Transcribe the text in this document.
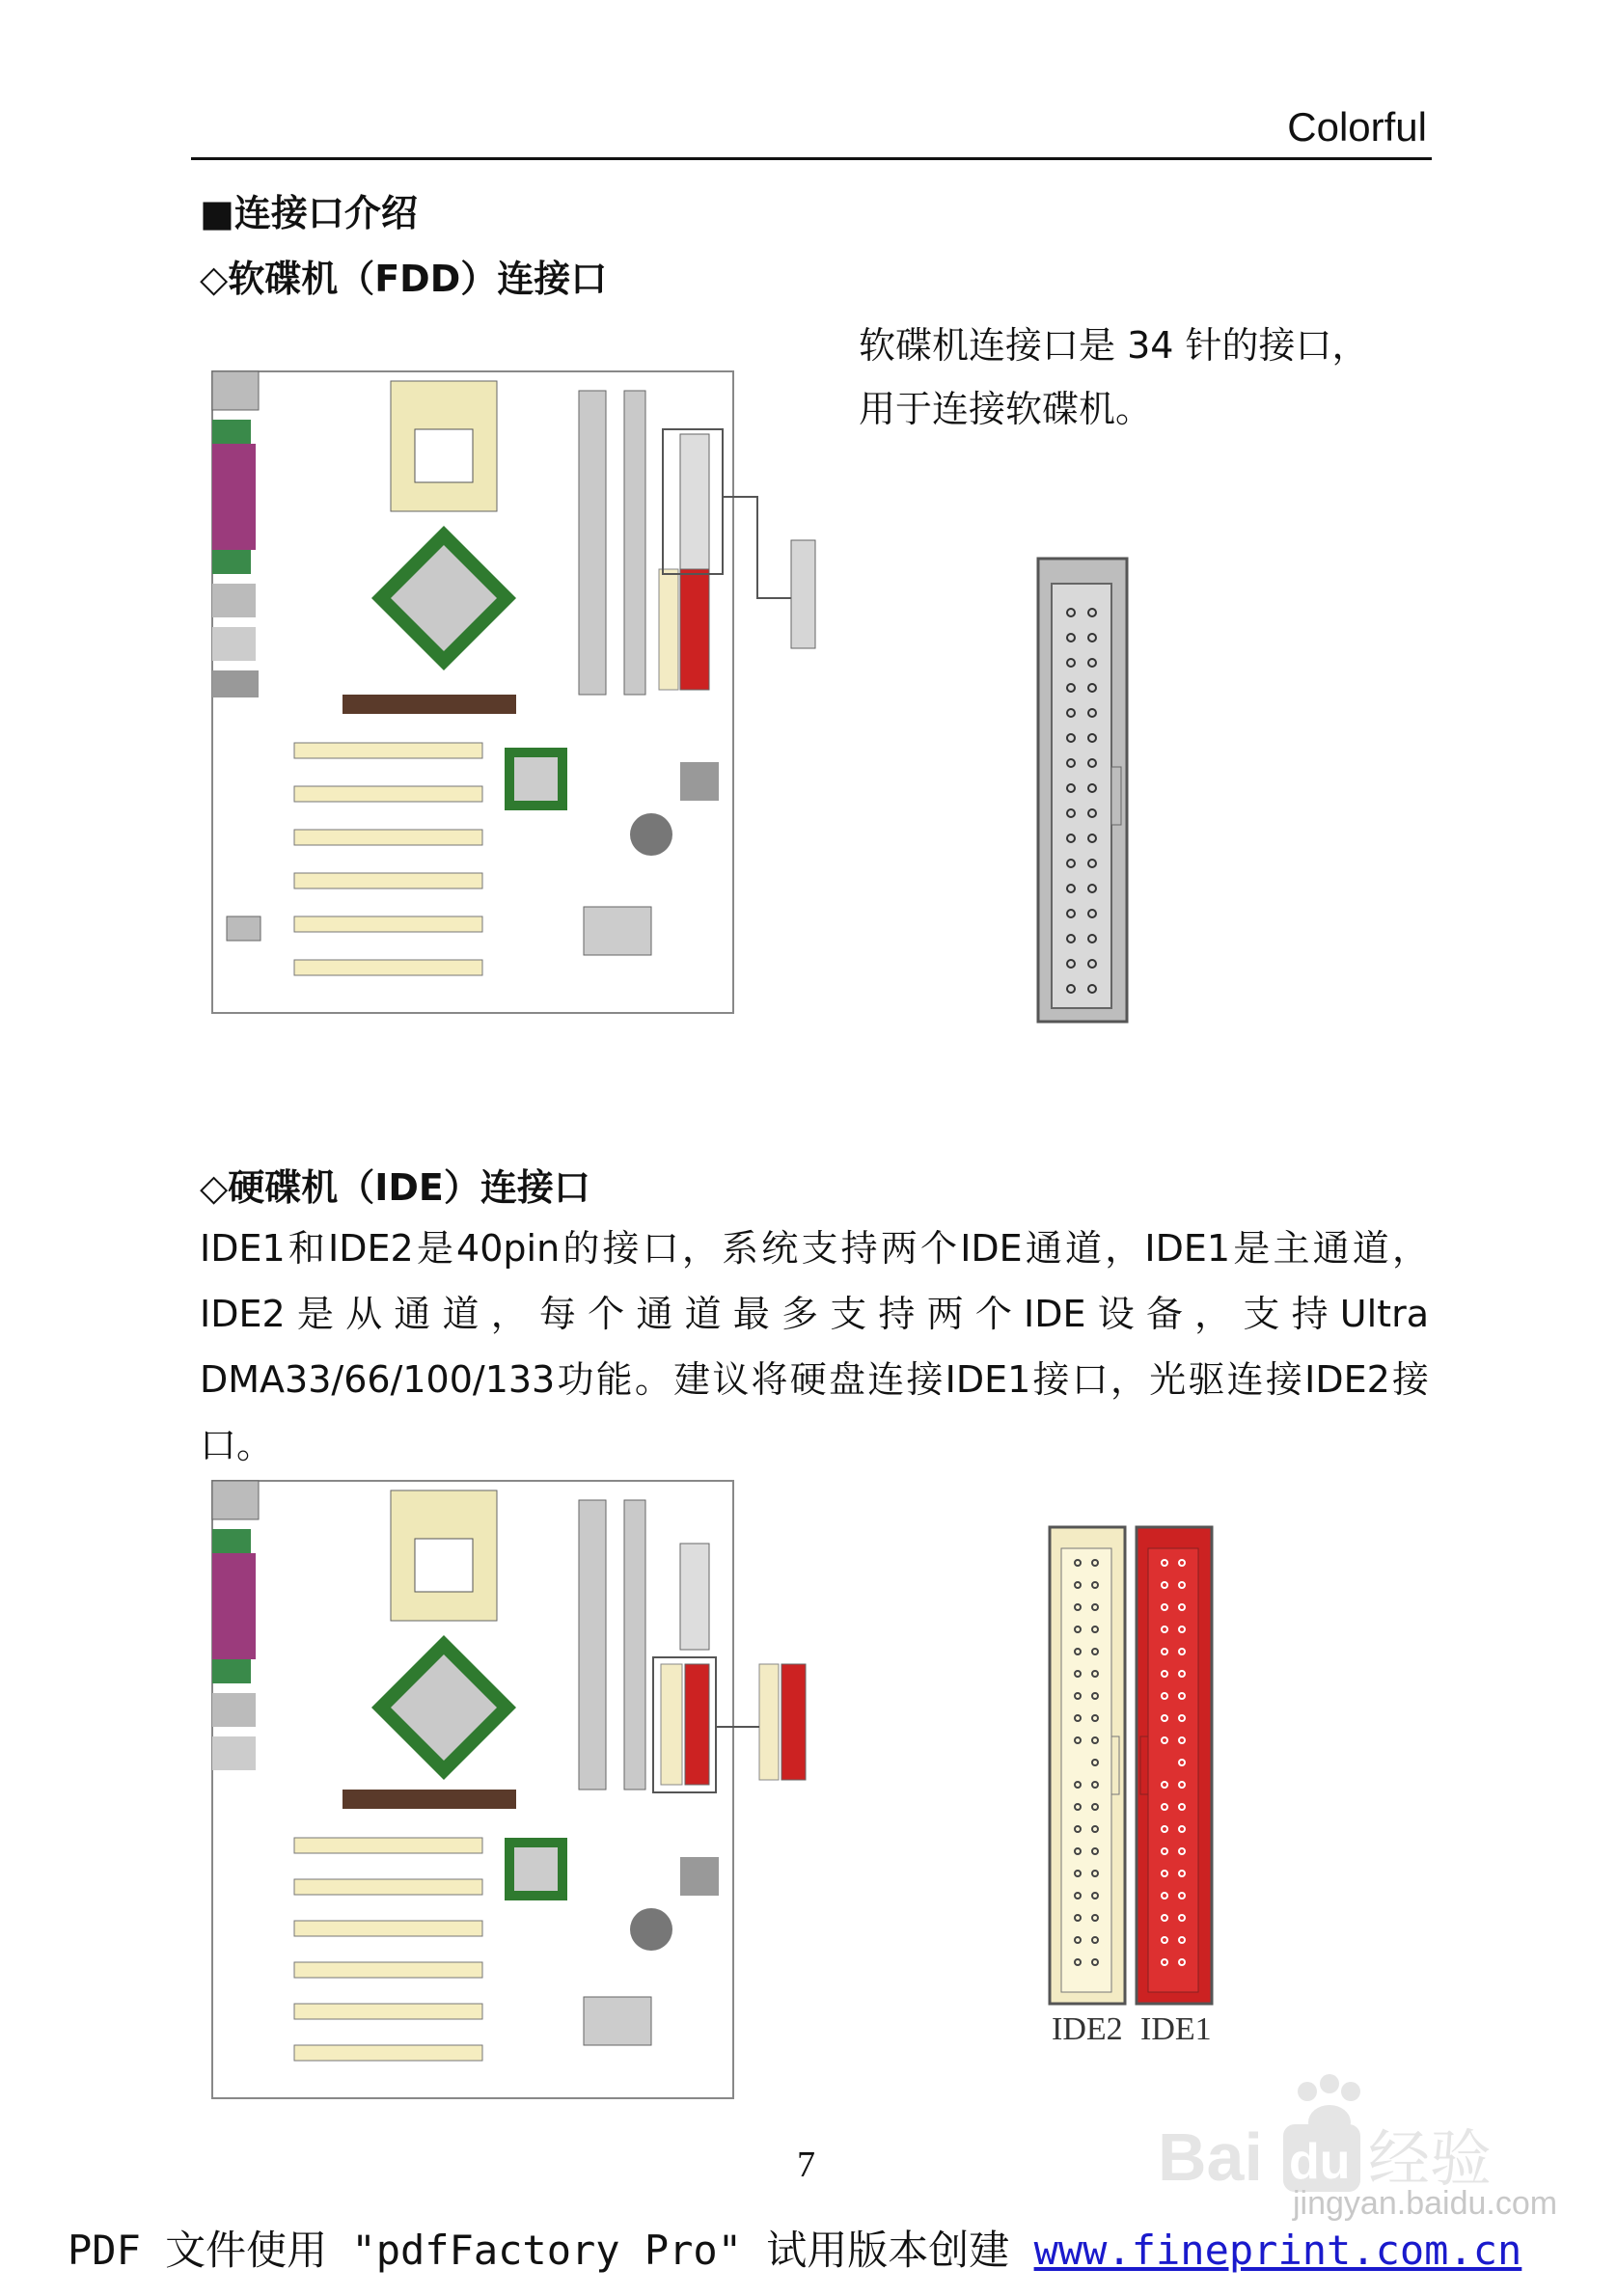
Colorful
■连接口介绍
◇软碟机（FDD）连接口
软碟机连接口是 34 针的接口，
用于连接软碟机。
◇硬碟机（IDE）连接口
IDE1和IDE2是40pin的接口，系统支持两个IDE通道，IDE1是主通道，IDE2是从通道，每个通道最多支持两个IDE设备，支持Ultra DMA33/66/100/133功能。建议将硬盘连接IDE1接口，光驱连接IDE2接口。
IDE2 IDE1
Bai du 经验
jingyan.baidu.com
7
PDF 文件使用 "pdfFactory Pro" 试用版本创建 www.fineprint.com.cn
